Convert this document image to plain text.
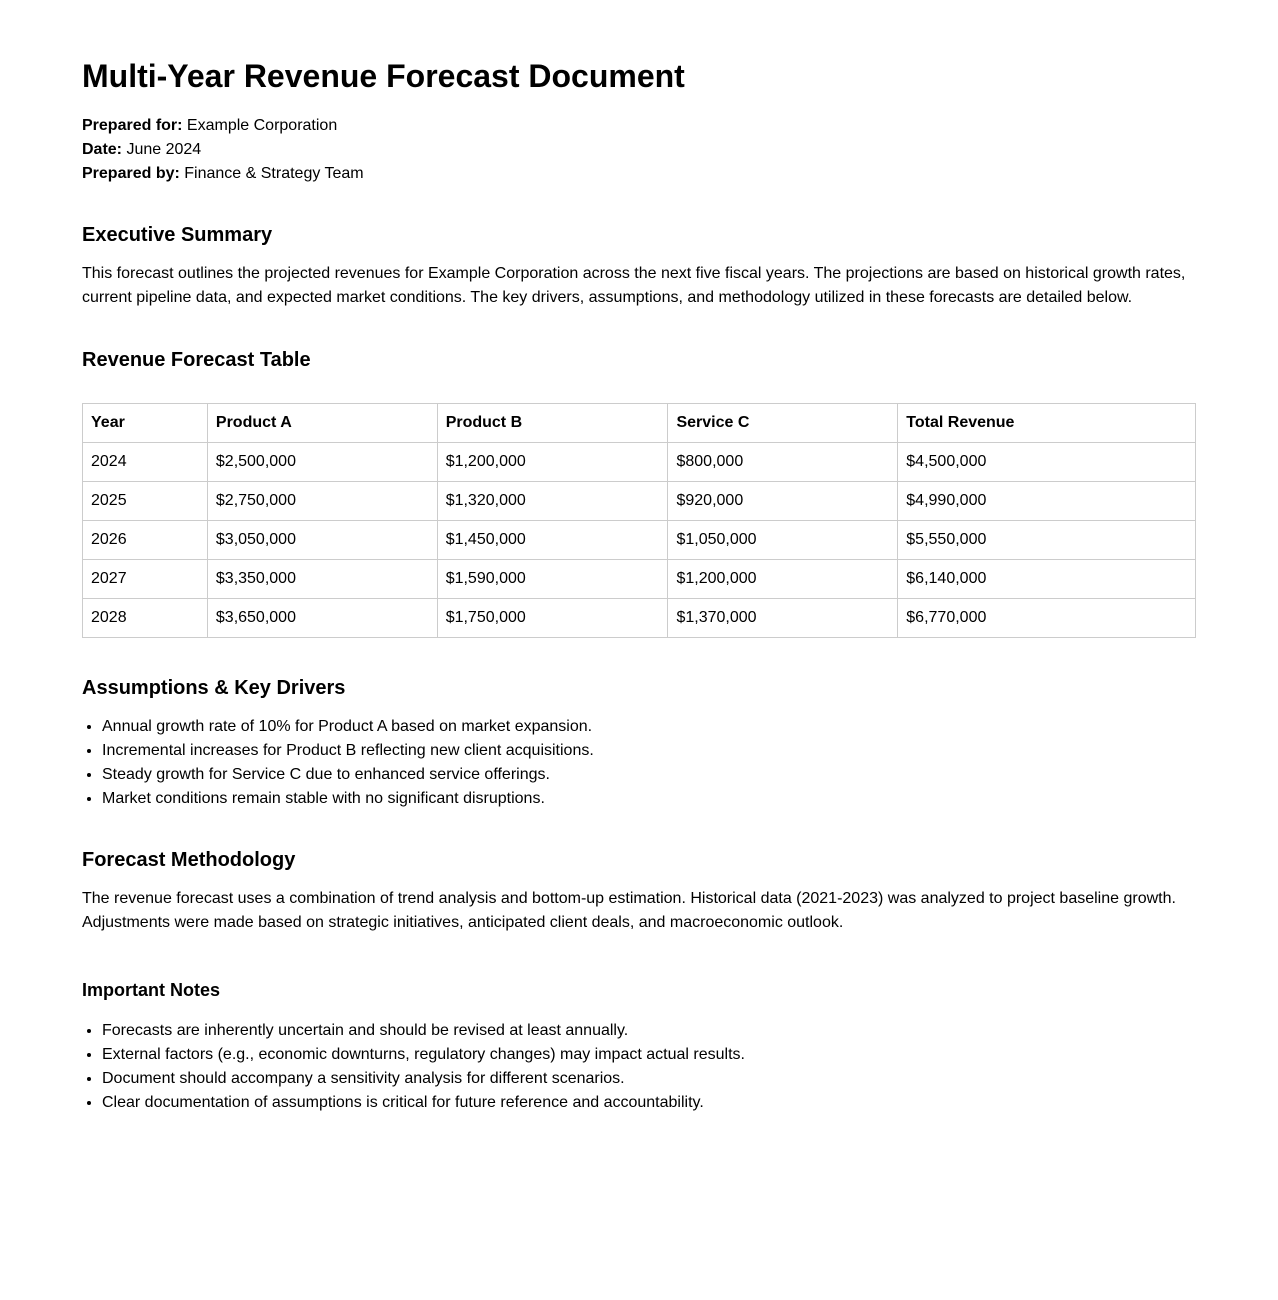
Multi-Year Revenue Forecast Document
Prepared for: Example Corporation
Date: June 2024
Prepared by: Finance & Strategy Team
Executive Summary

This forecast outlines the projected revenues for Example Corporation across the next five fiscal years. The projections are based on historical growth rates, current pipeline data, and expected market conditions. The key drivers, assumptions, and methodology utilized in these forecasts are detailed below.

Revenue Forecast Table
Year	Product A	Product B	Service C	Total Revenue
2024	$2,500,000	$1,200,000	$800,000	$4,500,000
2025	$2,750,000	$1,320,000	$920,000	$4,990,000
2026	$3,050,000	$1,450,000	$1,050,000	$5,550,000
2027	$3,350,000	$1,590,000	$1,200,000	$6,140,000
2028	$3,650,000	$1,750,000	$1,370,000	$6,770,000
Assumptions & Key Drivers
• Annual growth rate of 10% for Product A based on market expansion.
• Incremental increases for Product B reflecting new client acquisitions.
• Steady growth for Service C due to enhanced service offerings.
• Market conditions remain stable with no significant disruptions.
Forecast Methodology

The revenue forecast uses a combination of trend analysis and bottom-up estimation. Historical data (2021-2023) was analyzed to project baseline growth. Adjustments were made based on strategic initiatives, anticipated client deals, and macroeconomic outlook.

Important Notes
• Forecasts are inherently uncertain and should be revised at least annually.
• External factors (e.g., economic downturns, regulatory changes) may impact actual results.
• Document should accompany a sensitivity analysis for different scenarios.
• Clear documentation of assumptions is critical for future reference and accountability.
